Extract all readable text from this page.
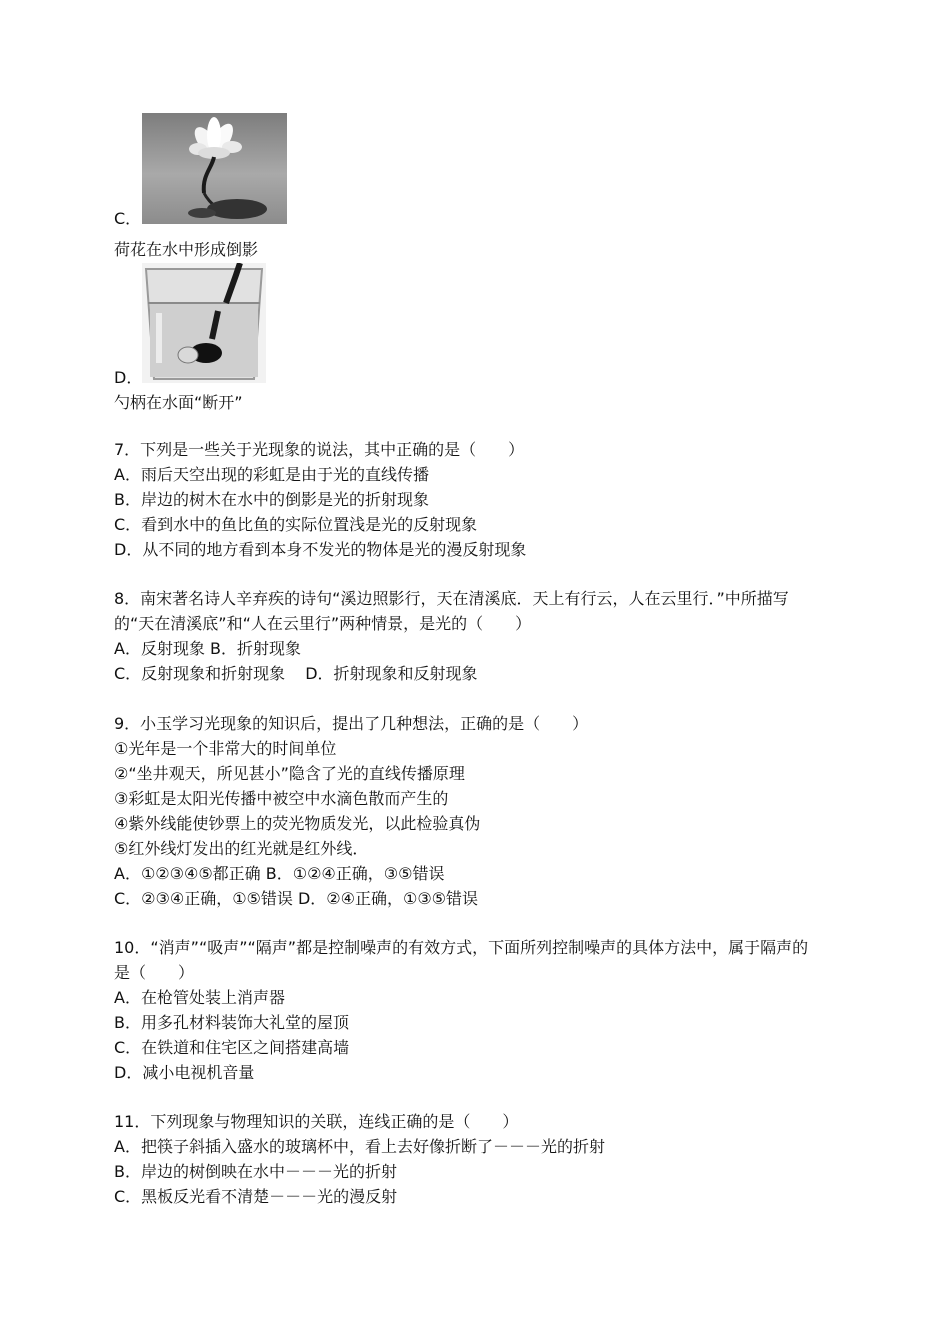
C．
荷花在水中形成倒影
D．
勺柄在水面“断开”
7．下列是一些关于光现象的说法，其中正确的是（　　）
A．雨后天空出现的彩虹是由于光的直线传播
B．岸边的树木在水中的倒影是光的折射现象
C．看到水中的鱼比鱼的实际位置浅是光的反射现象
D．从不同的地方看到本身不发光的物体是光的漫反射现象
8．南宋著名诗人辛弃疾的诗句“溪边照影行，天在清溪底．天上有行云，人在云里行．”中所描写
的“天在清溪底”和“人在云里行”两种情景，是光的（　　）
A．反射现象 B．折射现象
C．反射现象和折射现象 D．折射现象和反射现象
9．小玉学习光现象的知识后，提出了几种想法，正确的是（　　）
①光年是一个非常大的时间单位
②“坐井观天，所见甚小”隐含了光的直线传播原理
③彩虹是太阳光传播中被空中水滴色散而产生的
④紫外线能使钞票上的荧光物质发光，以此检验真伪
⑤红外线灯发出的红光就是红外线．
A．①②③④⑤都正确 B．①②④正确，③⑤错误
C．②③④正确，①⑤错误 D．②④正确，①③⑤错误
10．“消声”“吸声”“隔声”都是控制噪声的有效方式，下面所列控制噪声的具体方法中，属于隔声的
是（　　）
A．在枪管处装上消声器
B．用多孔材料装饰大礼堂的屋顶
C．在铁道和住宅区之间搭建高墙
D．减小电视机音量
11．下列现象与物理知识的关联，连线正确的是（　　）
A．把筷子斜插入盛水的玻璃杯中，看上去好像折断了－－－光的折射
B．岸边的树倒映在水中－－－光的折射
C．黑板反光看不清楚－－－光的漫反射
